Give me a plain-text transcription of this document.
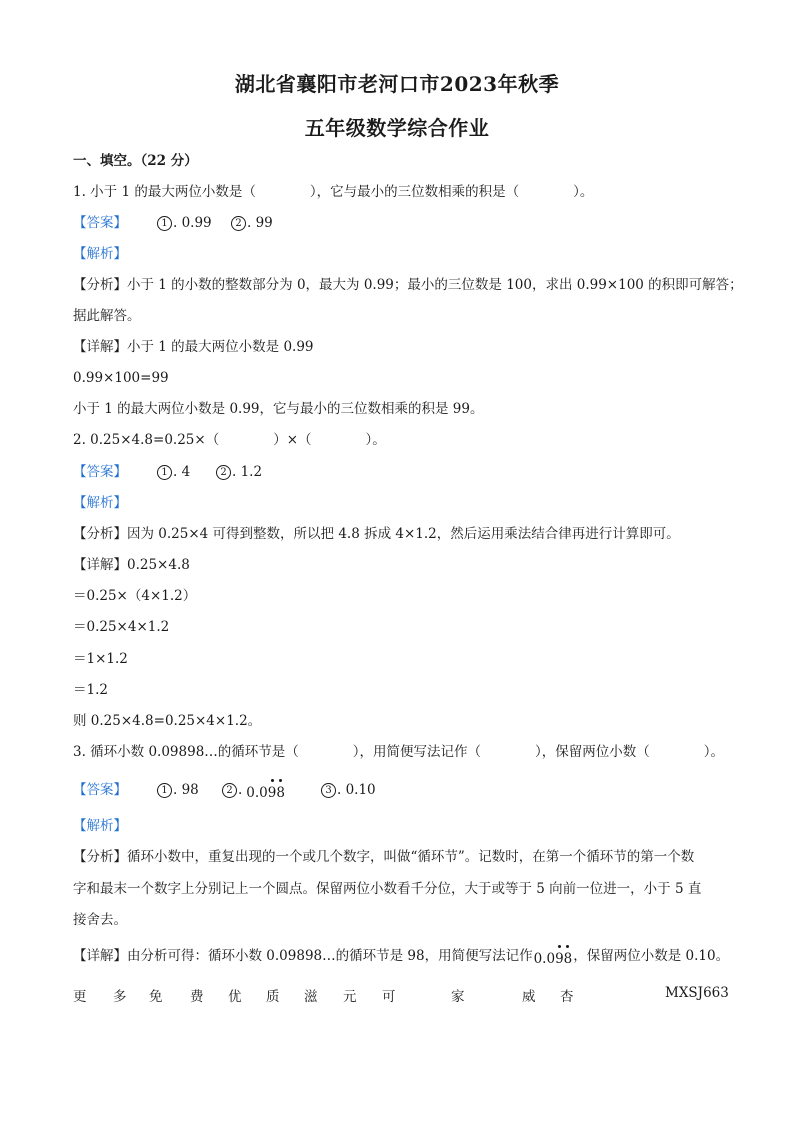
湖北省襄阳市老河口市2023年秋季
五年级数学综合作业
一、填空。（22 分）
1. 小于 1 的最大两位小数是（　　　　），它与最小的三位数相乘的积是（　　　　）。
【答案】	1 . 0.99	2 . 99
【解析】
【分析】小于 1 的小数的整数部分为 0，最大为 0.99；最小的三位数是 100，求出 0.99×100 的积即可解答；
据此解答。
【详解】小于 1 的最大两位小数是 0.99
0.99×100=99
小于 1 的最大两位小数是 0.99，它与最小的三位数相乘的积是 99。
2. 0.25×4.8=0.25×（　　　　）×（　　　　）。
【答案】	1 . 4	2 . 1.2
【解析】
【分析】因为 0.25×4 可得到整数，所以把 4.8 拆成 4×1.2，然后运用乘法结合律再进行计算即可。
【详解】0.25×4.8
＝0.25×（4×1.2）
＝0.25×4×1.2
＝1×1.2
＝1.2
则 0.25×4.8=0.25×4×1.2。
3. 循环小数 0.09898…的循环节是（　　　　），用简便写法记作（　　　　），保留两位小数（　　　　）。
【答案】	1 . 98	2 . 0.0
9
8	3 . 0.10
【解析】
【分析】循环小数中，重复出现的一个或几个数字，叫做“循环节”。记数时，在第一个循环节的第一个数
字和最末一个数字上分别记上一个圆点。保留两位小数看千分位，大于或等于 5 向前一位进一，小于 5 直
接舍去。
【详解】由分析可得：循环小数 0.09898…的循环节是 98，用简便写法记作0.0
9
8，保留两位小数是 0.10。
更 多 免 费 优 质 滋 元 可	家	威 杏	MXSJ663
